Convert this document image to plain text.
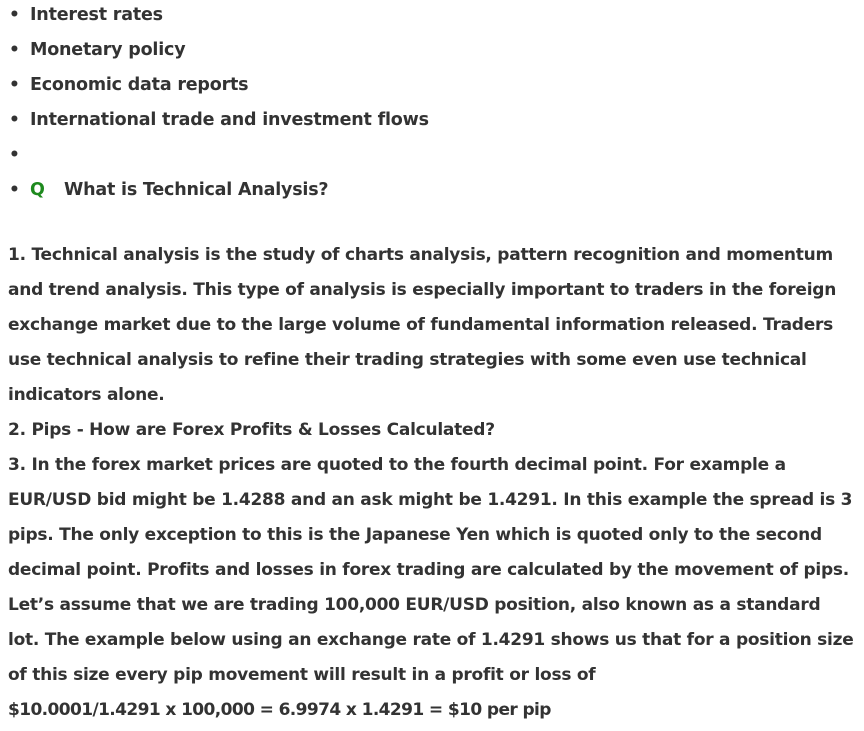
• Interest rates
• Monetary policy
• Economic data reports
• International trade and investment flows
•
• Q What is Technical Analysis?

1. Technical analysis is the study of charts analysis, pattern recognition and momentum and trend analysis. This type of analysis is especially important to traders in the foreign exchange market due to the large volume of fundamental information released. Traders use technical analysis to refine their trading strategies with some even use technical indicators alone.

2. Pips - How are Forex Profits & Losses Calculated?

3. In the forex market prices are quoted to the fourth decimal point. For example a EUR/USD bid might be 1.4288 and an ask might be 1.4291. In this example the spread is 3 pips. The only exception to this is the Japanese Yen which is quoted only to the second decimal point. Profits and losses in forex trading are calculated by the movement of pips. Let’s assume that we are trading 100,000 EUR/USD position, also known as a standard lot. The example below using an exchange rate of 1.4291 shows us that for a position size of this size every pip movement will result in a profit or loss of

$10.0001/1.4291 x 100,000 = 6.9974 x 1.4291 = $10 per pip
